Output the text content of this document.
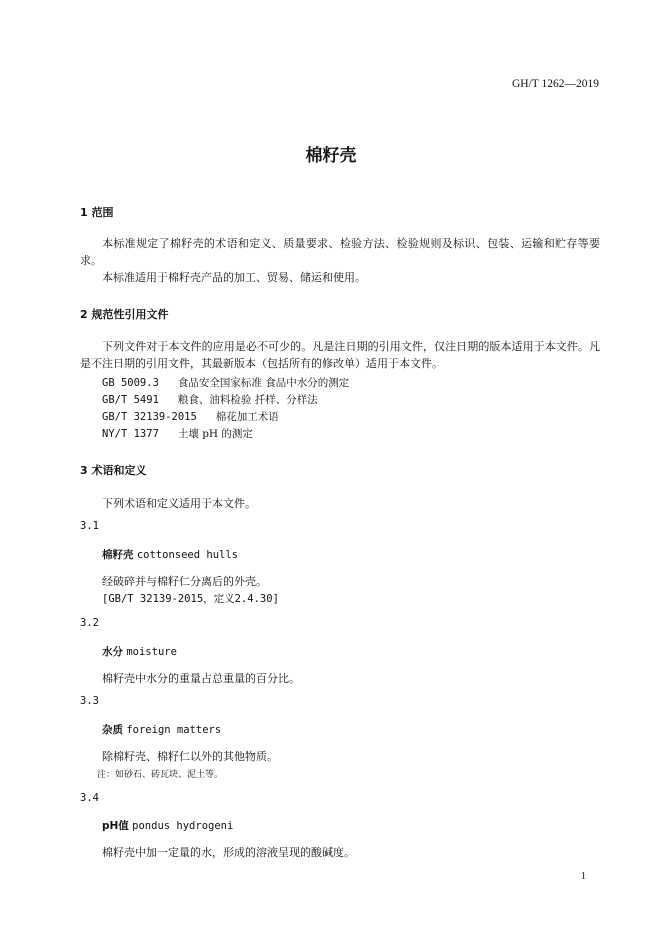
GH/T 1262—2019
棉籽壳
1 范围
本标准规定了棉籽壳的术语和定义、质量要求、检验方法、检验规则及标识、包装、运输和贮存等要求。
本标准适用于棉籽壳产品的加工、贸易、储运和使用。
2 规范性引用文件
下列文件对于本文件的应用是必不可少的。凡是注日期的引用文件，仅注日期的版本适用于本文件。凡是不注日期的引用文件，其最新版本（包括所有的修改单）适用于本文件。
GB 5009.3 食品安全国家标准 食品中水分的测定
GB/T 5491 粮食、油料检验 扦样、分样法
GB/T 32139-2015 棉花加工术语
NY/T 1377 土壤 pH 的测定
3 术语和定义
下列术语和定义适用于本文件。
3.1
棉籽壳 cottonseed hulls
经破碎并与棉籽仁分离后的外壳。
[GB/T 32139-2015，定义2.4.30]
3.2
水分 moisture
棉籽壳中水分的重量占总重量的百分比。
3.3
杂质 foreign matters
除棉籽壳、棉籽仁以外的其他物质。
注：如砂石、砖瓦块、泥土等。
3.4
pH值 pondus hydrogeni
棉籽壳中加一定量的水，形成的溶液呈现的酸碱度。
1
